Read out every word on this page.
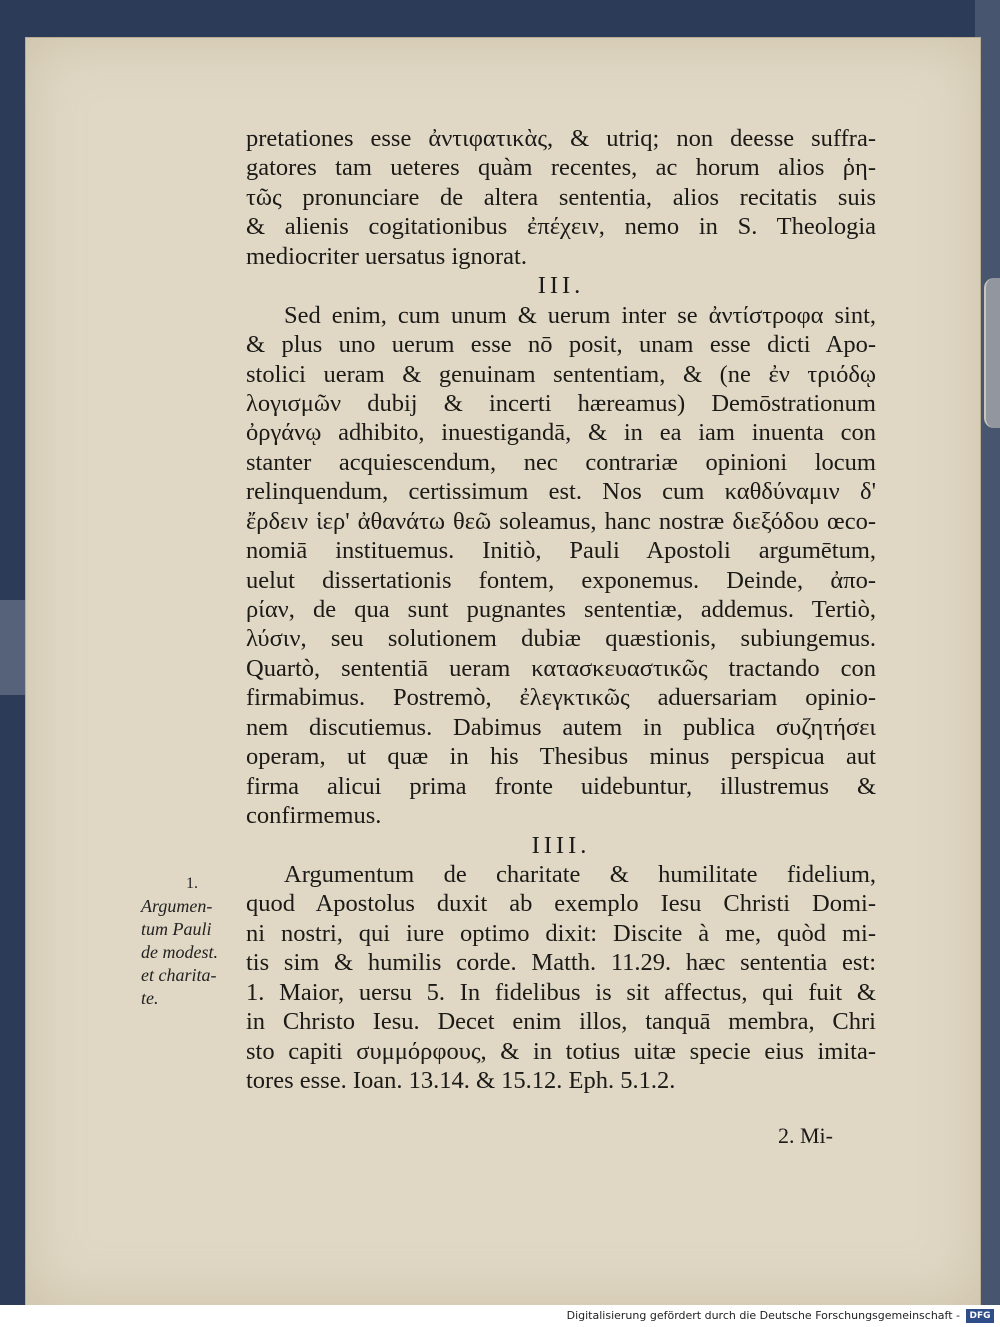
pretationes esse ἀντιφατικὰς, & utriq; non deesse suffra-
gatores tam ueteres quàm recentes, ac horum alios ῥη-
τῶς pronunciare de altera sententia, alios recitatis suis
& alienis cogitationibus ἐπέχειν, nemo in S. Theologia
mediocriter uersatus ignorat.
III.
Sed enim, cum unum & uerum inter se ἀντίστροφα sint,
& plus uno uerum esse nō posit, unam esse dicti Apo-
stolici ueram & genuinam sententiam, & (ne ἐν τριόδῳ
λογισμῶν dubij & incerti hæreamus) Demōstrationum
ὀργάνῳ adhibito, inuestigandā, & in ea iam inuenta con
stanter acquiescendum, nec contrariæ opinioni locum
relinquendum, certissimum est. Nos cum καθδύναμιν δ'
ἔρδειν ἱερ' ἀθανάτω θεῶ soleamus, hanc nostræ διεξόδου œco-
nomiā instituemus. Initiò, Pauli Apostoli argumētum,
uelut dissertationis fontem, exponemus. Deinde, ἀπο-
ρίαν, de qua sunt pugnantes sententiæ, addemus. Tertiò,
λύσιν, seu solutionem dubiæ quæstionis, subiungemus.
Quartò, sententiā ueram κατασκευαστικῶς tractando con
firmabimus. Postremò, ἐλεγκτικῶς aduersariam opinio-
nem discutiemus. Dabimus autem in publica συζητήσει
operam, ut quæ in his Thesibus minus perspicua aut
firma alicui prima fronte uidebuntur, illustremus &
confirmemus.
IIII.
Argumentum de charitate & humilitate fidelium,
quod Apostolus duxit ab exemplo Iesu Christi Domi-
ni nostri, qui iure optimo dixit: Discite à me, quòd mi-
tis sim & humilis corde. Matth. 11.29. hæc sententia est:
1. Maior, uersu 5. In fidelibus is sit affectus, qui fuit &
in Christo Iesu. Decet enim illos, tanquā membra, Chri
sto capiti συμμόρφους, & in totius uitæ specie eius imita-
tores esse. Ioan. 13.14. & 15.12. Eph. 5.1.2.
1.
Argumen-
tum Pauli
de modest.
et charita-
te.
2. Mi-
Digitalisierung gefördert durch die Deutsche Forschungsgemeinschaft -	DFG
